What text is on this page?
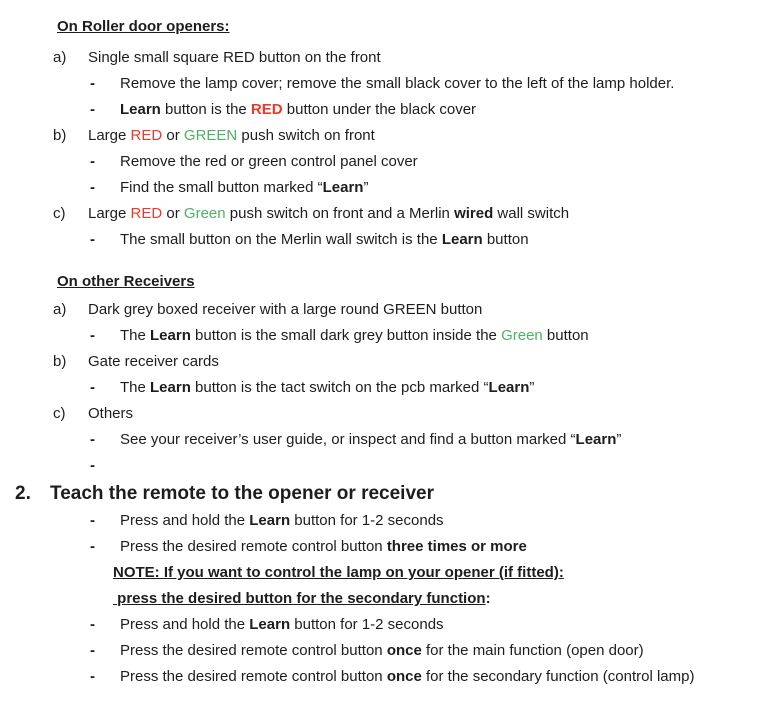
On Roller door openers:
a)	Single small square RED button on the front
-	Remove the lamp cover; remove the small black cover to the left of the lamp holder.
-	Learn button is the RED button under the black cover
b)	Large RED or GREEN push switch on front
-	Remove the red or green control panel cover
-	Find the small button marked “Learn”
c)	Large RED or Green push switch on front and a Merlin wired wall switch
-	The small button on the Merlin wall switch is the Learn button
On other Receivers
a)	Dark grey boxed receiver with a large round GREEN button
-	The Learn button is the small dark grey button inside the Green button
b)	Gate receiver cards
-	The Learn button is the tact switch on the pcb marked “Learn”
c)	Others
-	See your receiver’s user guide, or inspect and find a button marked “Learn”
-
2.	Teach the remote to the opener or receiver
-	Press and hold the Learn button for 1-2 seconds
-	Press the desired remote control button three times or more
NOTE: If you want to control the lamp on your opener (if fitted):
press the desired button for the secondary function:
-	Press and hold the Learn button for 1-2 seconds
-	Press the desired remote control button once for the main function (open door)
-	Press the desired remote control button once for the secondary function (control lamp)
